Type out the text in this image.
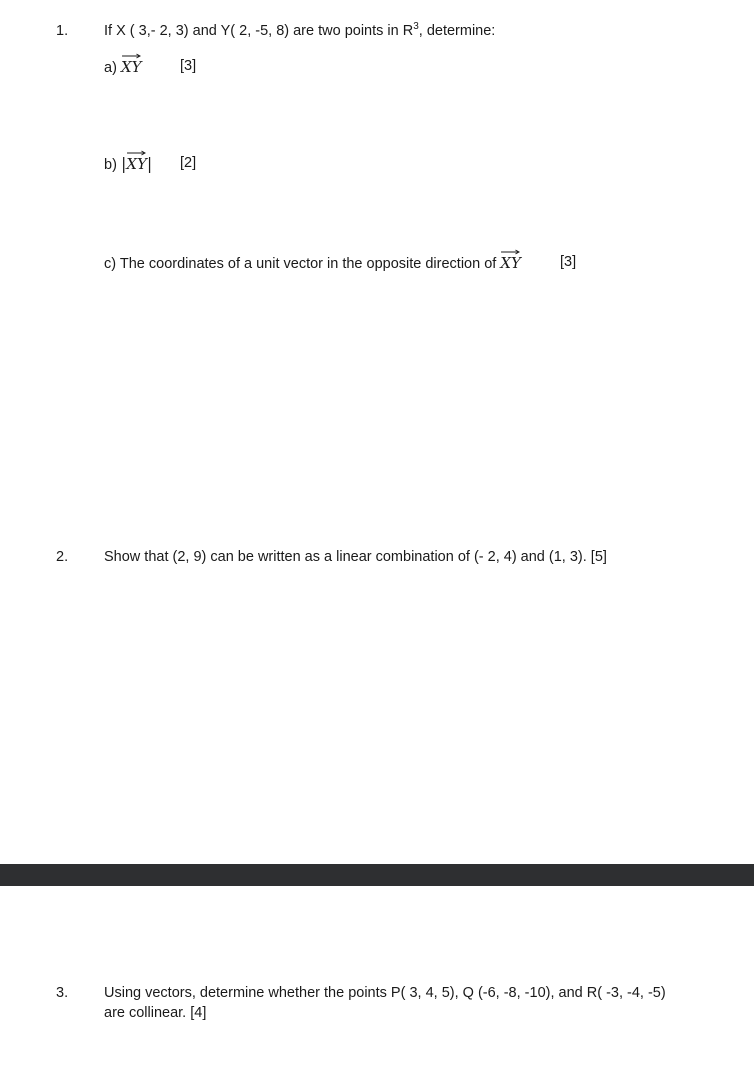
1. If X ( 3,- 2, 3) and Y( 2, -5, 8) are two points in $R^3$, determine:
a) XY	[3]
b) |
XY| [2]
c) The coordinates of a unit vector in the opposite direction of XY	[3]
2. Show that (2, 9) can be written as a linear combination of (- 2, 4) and (1, 3). [5]
3. Using vectors, determine whether the points P( 3, 4, 5), Q (-6, -8, -10), and R( -3, -4, -5) are collinear. [4]
